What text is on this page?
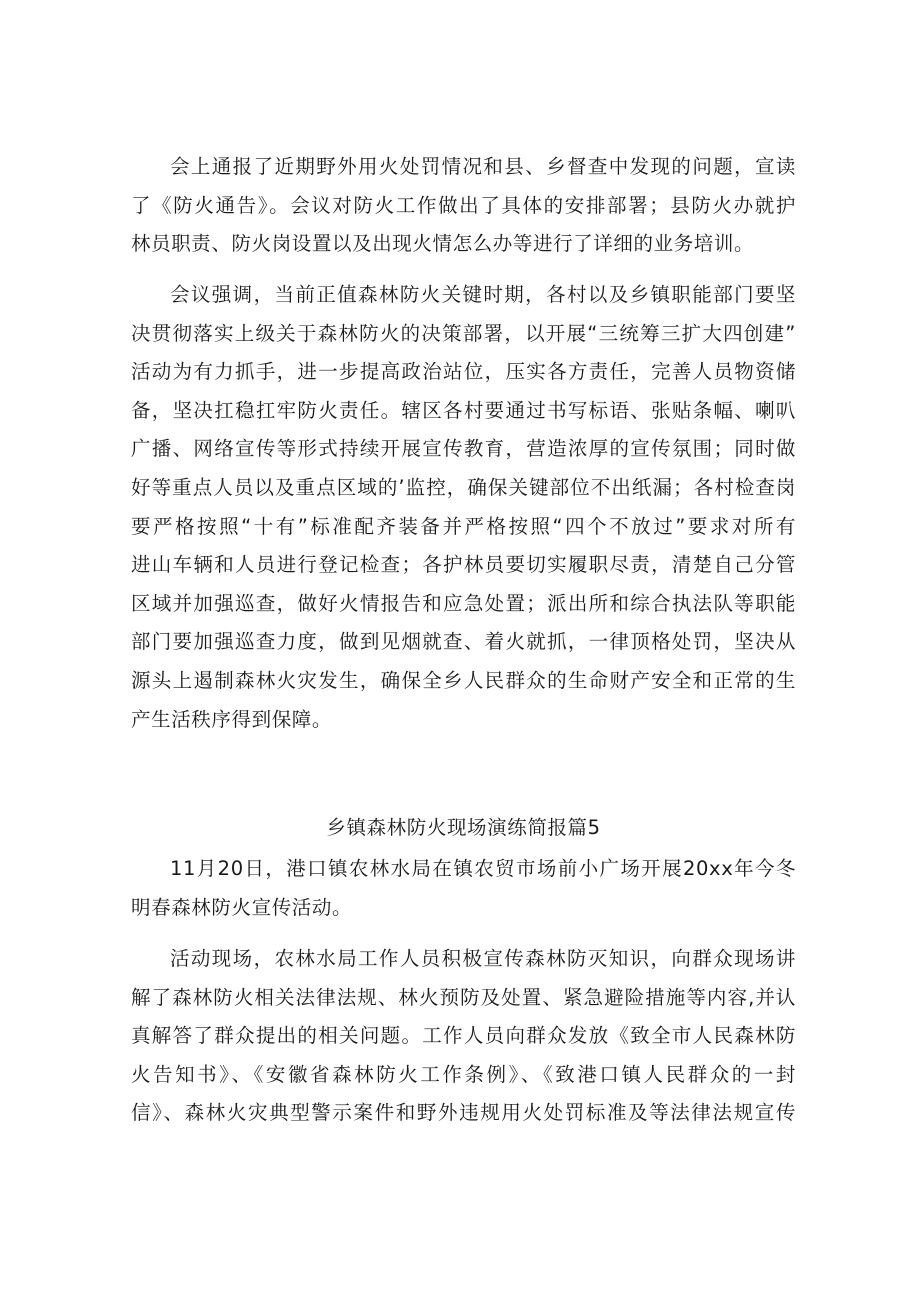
会上通报了近期野外用火处罚情况和县、乡督查中发现的问题，宣读
了《防火通告》。会议对防火工作做出了具体的安排部署；县防火办就护
林员职责、防火岗设置以及出现火情怎么办等进行了详细的业务培训。
会议强调，当前正值森林防火关键时期，各村以及乡镇职能部门要坚
决贯彻落实上级关于森林防火的决策部署，以开展“三统筹三扩大四创建”
活动为有力抓手，进一步提高政治站位，压实各方责任，完善人员物资储
备，坚决扛稳扛牢防火责任。辖区各村要通过书写标语、张贴条幅、喇叭
广播、网络宣传等形式持续开展宣传教育，营造浓厚的宣传氛围；同时做
好等重点人员以及重点区域的’监控，确保关键部位不出纸漏；各村检查岗
要严格按照“十有”标准配齐装备并严格按照“四个不放过”要求对所有
进山车辆和人员进行登记检查；各护林员要切实履职尽责，清楚自己分管
区域并加强巡查，做好火情报告和应急处置；派出所和综合执法队等职能
部门要加强巡查力度，做到见烟就查、着火就抓，一律顶格处罚，坚决从
源头上遏制森林火灾发生，确保全乡人民群众的生命财产安全和正常的生
产生活秩序得到保障。
乡镇森林防火现场演练简报篇5
11月20日，港口镇农林水局在镇农贸市场前小广场开展20xx年今冬
明春森林防火宣传活动。
活动现场，农林水局工作人员积极宣传森林防灭知识，向群众现场讲
解了森林防火相关法律法规、林火预防及处置、紧急避险措施等内容,并认
真解答了群众提出的相关问题。工作人员向群众发放《致全市人民森林防
火告知书》、《安徽省森林防火工作条例》、《致港口镇人民群众的一封
信》、森林火灾典型警示案件和野外违规用火处罚标准及等法律法规宣传
